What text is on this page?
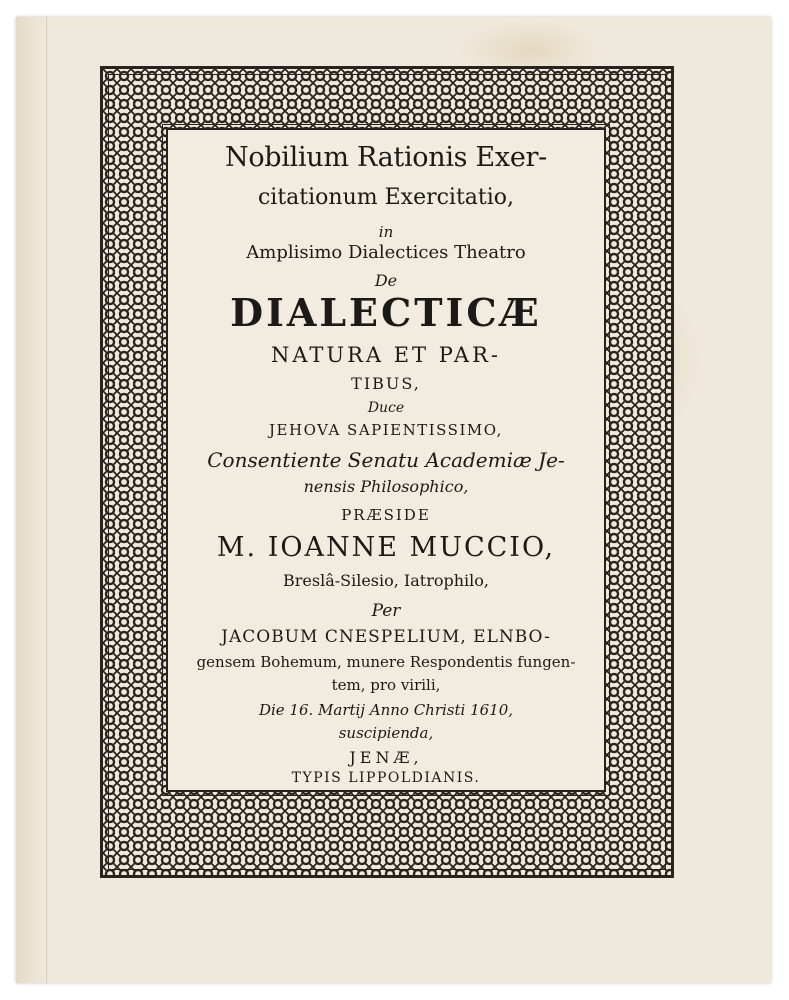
Nobilium Rationis Exer-
citationum Exercitatio,
in
Amplisimo Dialectices Theatro
De
DIALECTICÆ
NATURA ET PAR-
TIBUS,
Duce
JEHOVA SAPIENTISSIMO,
Consentiente Senatu Academiæ Je-
nensis Philosophico,
PRÆSIDE
M. IOANNE MUCCIO,
Breslâ-Silesio, Iatrophilo,
Per
JACOBUM CNESPELIUM, ELNBO-
gensem Bohemum, munere Respondentis fungen-
tem, pro virili,
Die 16. Martij Anno Christi 1610,
suscipienda,
JENÆ,
TYPIS LIPPOLDIANIS.
